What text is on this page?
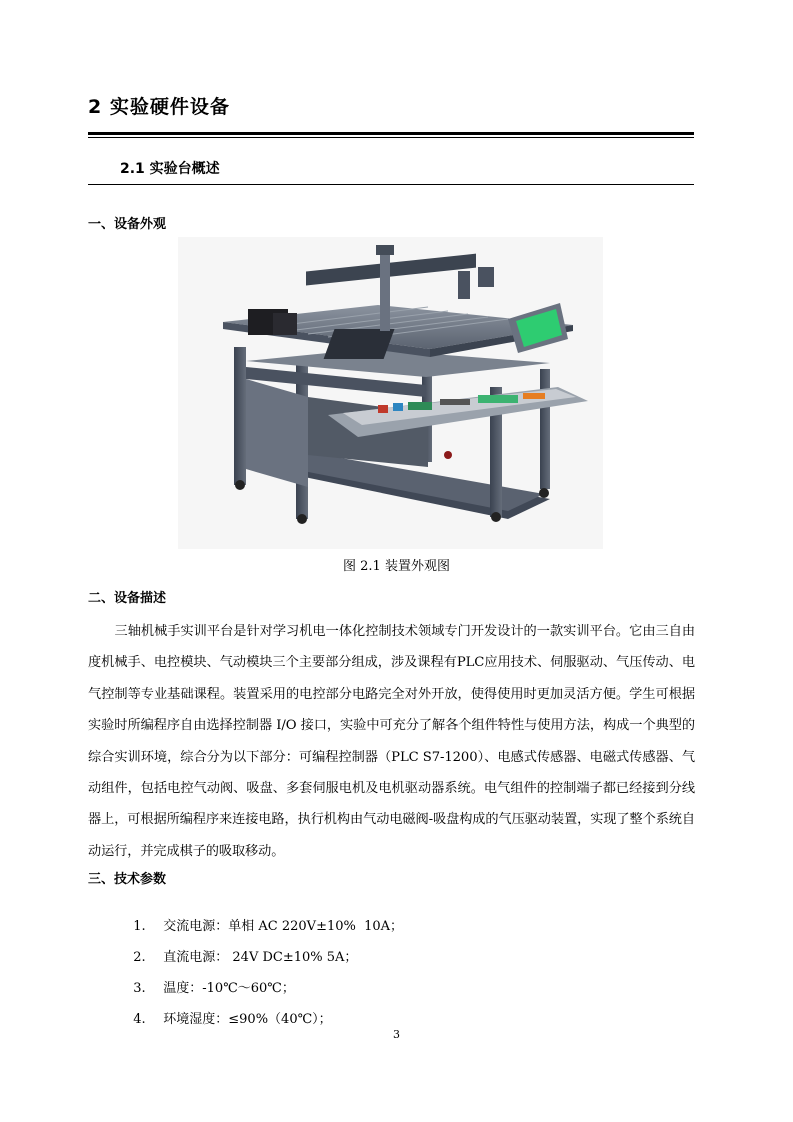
2 实验硬件设备
2.1 实验台概述
一、设备外观
图 2.1 装置外观图
二、设备描述
三轴机械手实训平台是针对学习机电一体化控制技术领域专门开发设计的一款实训平台。它由三自由度机械手、电控模块、气动模块三个主要部分组成，涉及课程有PLC应用技术、伺服驱动、气压传动、电气控制等专业基础课程。装置采用的电控部分电路完全对外开放，使得使用时更加灵活方便。学生可根据实验时所编程序自由选择控制器 I/O 接口，实验中可充分了解各个组件特性与使用方法，构成一个典型的综合实训环境，综合分为以下部分：可编程控制器（PLC S7-1200）、电感式传感器、电磁式传感器、气动组件，包括电控气动阀、吸盘、多套伺服电机及电机驱动器系统。电气组件的控制端子都已经接到分线器上，可根据所编程序来连接电路，执行机构由气动电磁阀-吸盘构成的气压驱动装置，实现了整个系统自动运行，并完成棋子的吸取移动。
三、技术参数

1. 交流电源：单相 AC 220V±10%  10A；

2. 直流电源： 24V DC±10% 5A；

3. 温度：-10℃～60℃；

4. 环境湿度：≤90%（40℃）；

3
